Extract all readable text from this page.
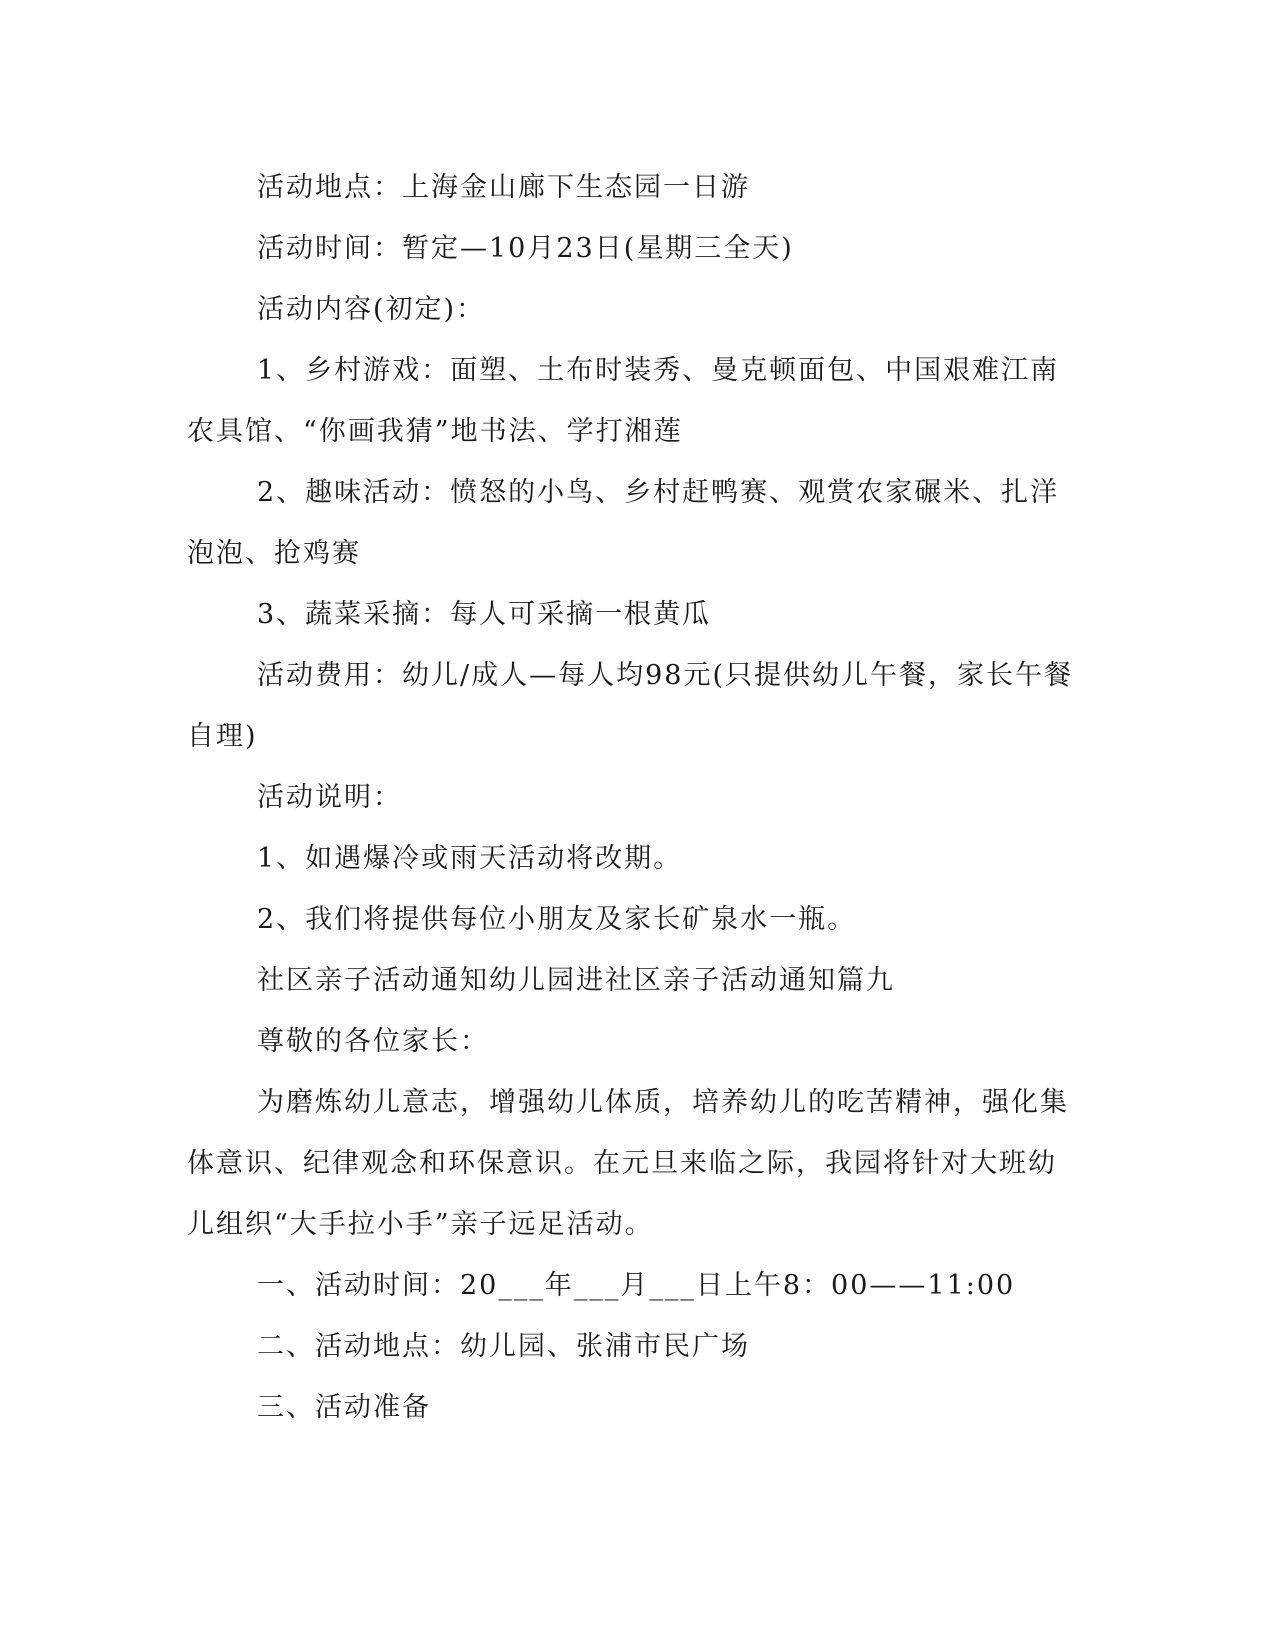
活动地点：上海金山廊下生态园一日游

活动时间：暂定—10月23日(星期三全天)

活动内容(初定)：

1、乡村游戏：面塑、土布时装秀、曼克顿面包、中国艰难江南农具馆、“你画我猜”地书法、学打湘莲

2、趣味活动：愤怒的小鸟、乡村赶鸭赛、观赏农家碾米、扎洋泡泡、抢鸡赛

3、蔬菜采摘：每人可采摘一根黄瓜

活动费用：幼儿/成人—每人均98元(只提供幼儿午餐，家长午餐自理)

活动说明：

1、如遇爆冷或雨天活动将改期。

2、我们将提供每位小朋友及家长矿泉水一瓶。

社区亲子活动通知幼儿园进社区亲子活动通知篇九

尊敬的各位家长：

为磨炼幼儿意志，增强幼儿体质，培养幼儿的吃苦精神，强化集体意识、纪律观念和环保意识。在元旦来临之际，我园将针对大班幼儿组织“大手拉小手”亲子远足活动。

一、活动时间：20___年___月___日上午8：00——11:00

二、活动地点：幼儿园、张浦市民广场

三、活动准备
